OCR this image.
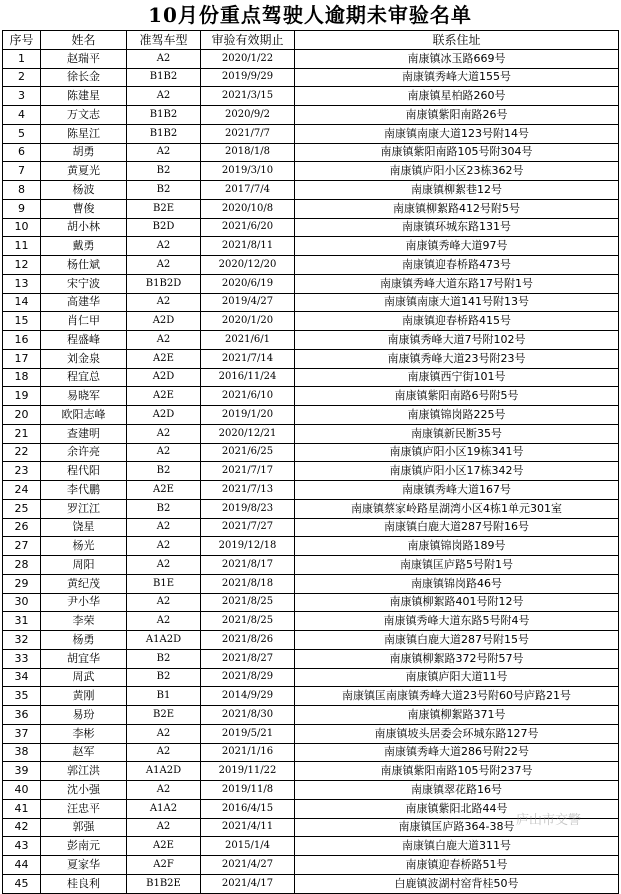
10月份重点驾驶人逾期未审验名单
序号	姓名	准驾车型	审验有效期止	联系住址
1	赵瑞平	A2	2020/1/22	南康镇冰玉路669号
2	徐长金	B1B2	2019/9/29	南康镇秀峰大道155号
3	陈建星	A2	2021/3/15	南康镇星柏路260号
4	万文志	B1B2	2020/9/2	南康镇紫阳南路26号
5	陈星江	B1B2	2021/7/7	南康镇南康大道123号附14号
6	胡勇	A2	2018/1/8	南康镇紫阳南路105号附304号
7	黄夏光	B2	2019/3/10	南康镇庐阳小区23栋362号
8	杨波	B2	2017/7/4	南康镇柳絮巷12号
9	曹俊	B2E	2020/10/8	南康镇柳絮路412号附5号
10	胡小林	B2D	2021/6/20	南康镇环城东路131号
11	戴勇	A2	2021/8/11	南康镇秀峰大道97号
12	杨仕斌	A2	2020/12/20	南康镇迎春桥路473号
13	宋宁波	B1B2D	2020/6/19	南康镇秀峰大道东路17号附1号
14	高建华	A2	2019/4/27	南康镇南康大道141号附13号
15	肖仁甲	A2D	2020/1/20	南康镇迎春桥路415号
16	程盛峰	A2	2021/6/1	南康镇秀峰大道7号附102号
17	刘金泉	A2E	2021/7/14	南康镇秀峰大道23号附23号
18	程宜总	A2D	2016/11/24	南康镇西宁街101号
19	易晓军	A2E	2021/6/10	南康镇紫阳南路6号附5号
20	欧阳志峰	A2D	2019/1/20	南康镇锦岗路225号
21	查建明	A2	2020/12/21	南康镇新民断35号
22	余许亮	A2	2021/6/25	南康镇庐阳小区19栋341号
23	程代阳	B2	2021/7/17	南康镇庐阳小区17栋342号
24	李代鹏	A2E	2021/7/13	南康镇秀峰大道167号
25	罗江江	B2	2019/8/23	南康镇蔡家岭路星湖湾小区4栋1单元301室
26	饶星	A2	2021/7/27	南康镇白鹿大道287号附16号
27	杨光	A2	2019/12/18	南康镇锦岗路189号
28	周阳	A2	2021/8/17	南康镇匡庐路5号附1号
29	黄纪茂	B1E	2021/8/18	南康镇锦岗路46号
30	尹小华	A2	2021/8/25	南康镇柳絮路401号附12号
31	李荣	A2	2021/8/25	南康镇秀峰大道东路5号附4号
32	杨勇	A1A2D	2021/8/26	南康镇白鹿大道287号附15号
33	胡宜华	B2	2021/8/27	南康镇柳絮路372号附57号
34	周武	B2	2021/8/29	南康镇庐阳大道11号
35	黄刚	B1	2014/9/29	南康镇匡南康镇秀峰大道23号附60号庐路21号
36	易玢	B2E	2021/8/30	南康镇柳絮路371号
37	李彬	A2	2019/5/21	南康镇坡头居委会环城东路127号
38	赵军	A2	2021/1/16	南康镇秀峰大道286号附22号
39	郭江洪	A1A2D	2019/11/22	南康镇紫阳南路105号附237号
40	沈小强	A2	2019/11/8	南康镇翠花路16号
41	汪忠平	A1A2	2016/4/15	南康镇紫阳北路44号
42	郭强	A2	2021/4/11	南康镇匡庐路364-38号
43	彭南元	A2E	2015/1/4	南康镇白鹿大道311号
44	夏家华	A2F	2021/4/27	南康镇迎春桥路51号
45	桂良利	B1B2E	2021/4/17	白鹿镇波湖村窑背桂50号
庐山市交警
